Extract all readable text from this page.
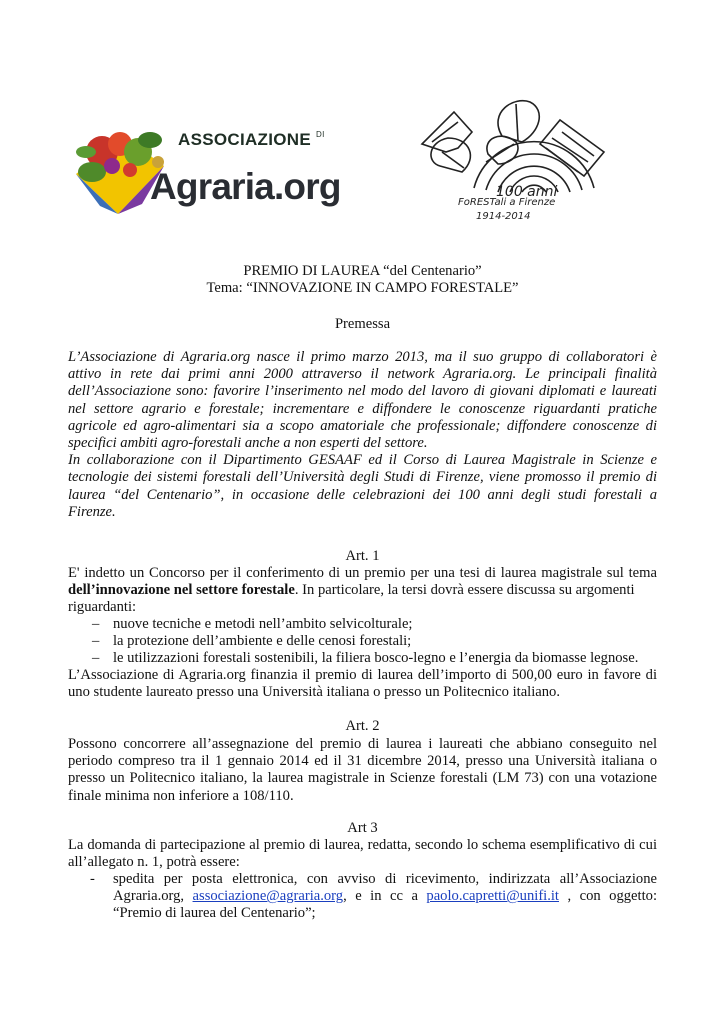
ASSOCIAZIONE $^{DI}$
Agraria.org	100 anni
FoRESTali a Firenze
1914-2014
PREMIO DI LAUREA “del Centenario”
Tema: “INNOVAZIONE IN CAMPO FORESTALE”
Premessa
L’Associazione di Agraria.org nasce il primo marzo 2013, ma il suo gruppo di collaboratori è
attivo in rete dai primi anni 2000 attraverso il network Agraria.org. Le principali finalità
dell’Associazione sono: favorire l’inserimento nel modo del lavoro di giovani diplomati e laureati
nel settore agrario e forestale; incrementare e diffondere le conoscenze riguardanti pratiche
agricole ed agro-alimentari sia a scopo amatoriale che professionale; diffondere conoscenze di
specifici ambiti agro-forestali anche a non esperti del settore.
In collaborazione con il Dipartimento GESAAF ed il Corso di Laurea Magistrale in Scienze e
tecnologie dei sistemi forestali dell’Università degli Studi di Firenze, viene promosso il premio di
laurea “del Centenario”, in occasione delle celebrazioni dei 100 anni degli studi forestali a
Firenze.
Art. 1
E' indetto un Concorso per il conferimento di un premio per una tesi di laurea magistrale sul tema
dell’innovazione nel settore forestale. In particolare, la tersi dovrà essere discussa su argomenti
riguardanti:
– nuove tecniche e metodi nell’ambito selvicolturale;
– la protezione dell’ambiente e delle cenosi forestali;
– le utilizzazioni forestali sostenibili, la filiera bosco-legno e l’energia da biomasse legnose.
L’Associazione di Agraria.org finanzia il premio di laurea dell’importo di 500,00 euro in favore di
uno studente laureato presso una Università italiana o presso un Politecnico italiano.
Art. 2
Possono concorrere all’assegnazione del premio di laurea i laureati che abbiano conseguito nel
periodo compreso tra il 1 gennaio 2014 ed il 31 dicembre 2014, presso una Università italiana o
presso un Politecnico italiano, la laurea magistrale in Scienze forestali (LM 73) con una votazione
finale minima non inferiore a 108/110.
Art 3
La domanda di partecipazione al premio di laurea, redatta, secondo lo schema esemplificativo di cui
all’allegato n. 1, potrà essere:
- spedita per posta elettronica, con avviso di ricevimento, indirizzata all’Associazione
Agraria.org, associazione@agraria.org, e in cc a paolo.capretti@unifi.it , con oggetto:
“Premio di laurea del Centenario”;
